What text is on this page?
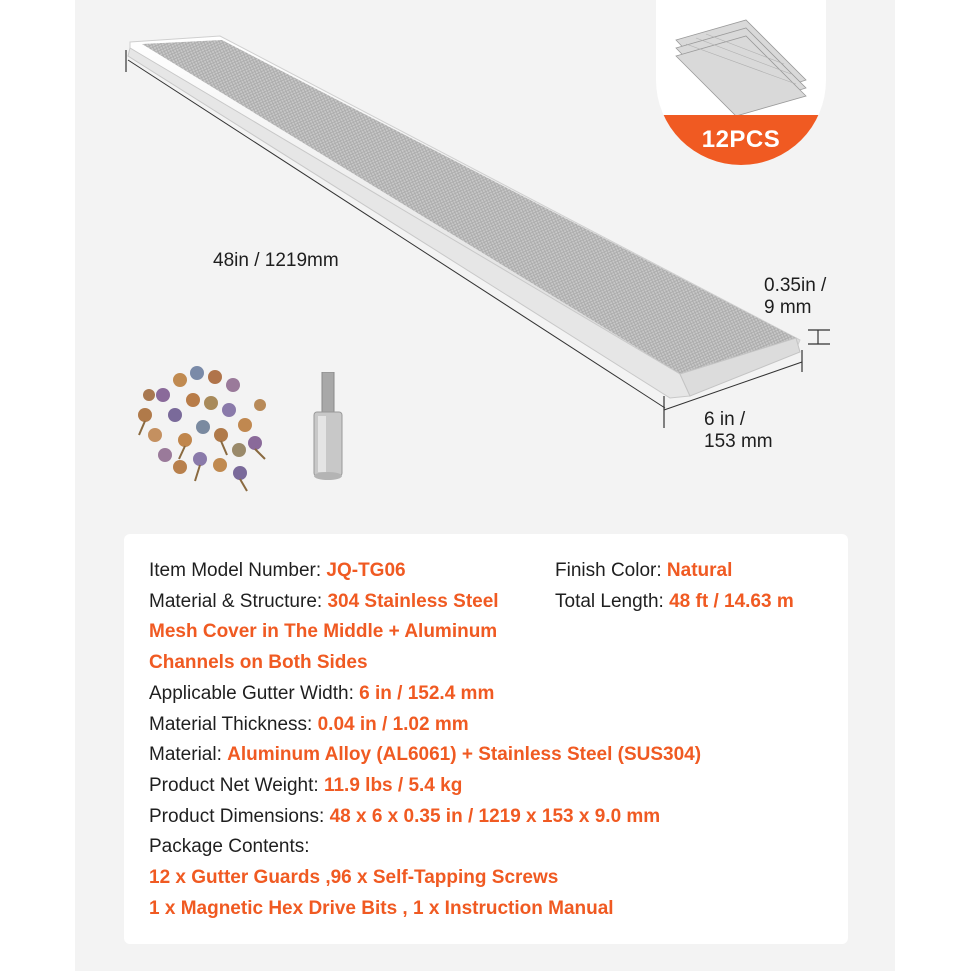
12PCS
48in / 1219mm
0.35in /
9 mm
6 in /
153 mm
Item Model Number: JQ-TG06
Material & Structure: 304 Stainless Steel
Mesh Cover in The Middle + Aluminum
Channels on Both Sides
Applicable Gutter Width: 6 in / 152.4 mm
Material Thickness: 0.04 in / 1.02 mm
Material: Aluminum Alloy (AL6061) + Stainless Steel (SUS304)
Product Net Weight: 11.9 lbs / 5.4 kg
Product Dimensions: 48 x 6 x 0.35 in / 1219 x 153 x 9.0 mm
Package Contents:
12 x Gutter Guards ,96 x Self-Tapping Screws
1 x Magnetic Hex Drive Bits , 1 x Instruction Manual
Finish Color: Natural
Total Length: 48 ft / 14.63 m
